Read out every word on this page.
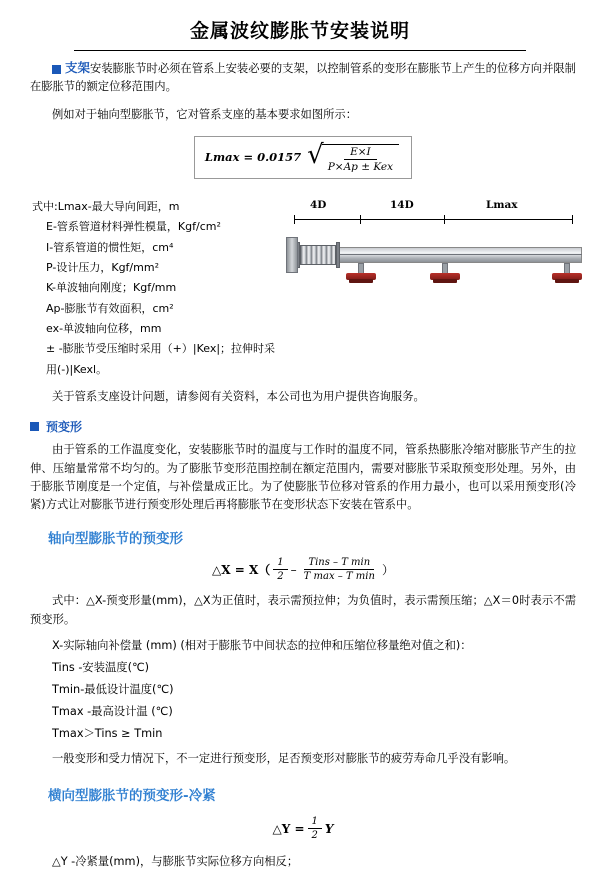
金属波纹膨胀节安装说明

支架安装膨胀节时必须在管系上安装必要的支架，以控制管系的变形在膨胀节上产生的位移方向并限制在膨胀节的额定位移范围内。

例如对于轴向型膨胀节，它对管系支座的基本要求如图所示：

Lmax = 0.0157 √
$\frac{E\times I}{\text{P×Ap ± Kex}}$
式中:Lmax-最大导向间距，m
E-管系管道材料弹性模量，Kgf/cm²
I-管系管道的惯性矩，cm⁴
P-设计压力，Kgf/mm²
K-单波轴向刚度；Kgf/mm
Ap-膨胀节有效面积，cm²
ex-单波轴向位移，mm
± -膨胀节受压缩时采用（+）|Kex|；拉伸时采用(-)|Kexl。
4D	14D	Lmax

关于管系支座设计问题，请参阅有关资料，本公司也为用户提供咨询服务。

预变形

由于管系的工作温度变化，安装膨胀节时的温度与工作时的温度不同，管系热膨胀冷缩对膨胀节产生的拉伸、压缩量常常不均匀的。为了膨胀节变形范围控制在额定范围内，需要对膨胀节采取预变形处理。另外，由于膨胀节刚度是一个定值，与补偿量成正比。为了使膨胀节位移对管系的作用力最小，也可以采用预变形(冷紧)方式让对膨胀节进行预变形处理后再将膨胀节在变形状态下安装在管系中。

轴向型膨胀节的预变形
△X = $X( \frac{1}{2}$ –	Tins – T min
T max – T min ）

式中：△X-预变形量(mm)，△X为正值时，表示需预拉伸；为负值时，表示需预压缩；△X＝0时表示不需预变形。

X-实际轴向补偿量 (mm) (相对于膨胀节中间状态的拉伸和压缩位移量绝对值之和)：
Tins -安装温度(℃)
Tmin-最低设计温度(℃)
Tmax -最高设计温 (℃)
Tmax＞Tins ≥ Tmin

一般变形和受力情况下，不一定进行预变形，足否预变形对膨胀节的疲劳寿命几乎没有影响。

横向型膨胀节的预变形-冷紧
△Y = $\frac{1}{2}$ Y

△Y -冷紧量(mm)，与膨胀节实际位移方向相反；
